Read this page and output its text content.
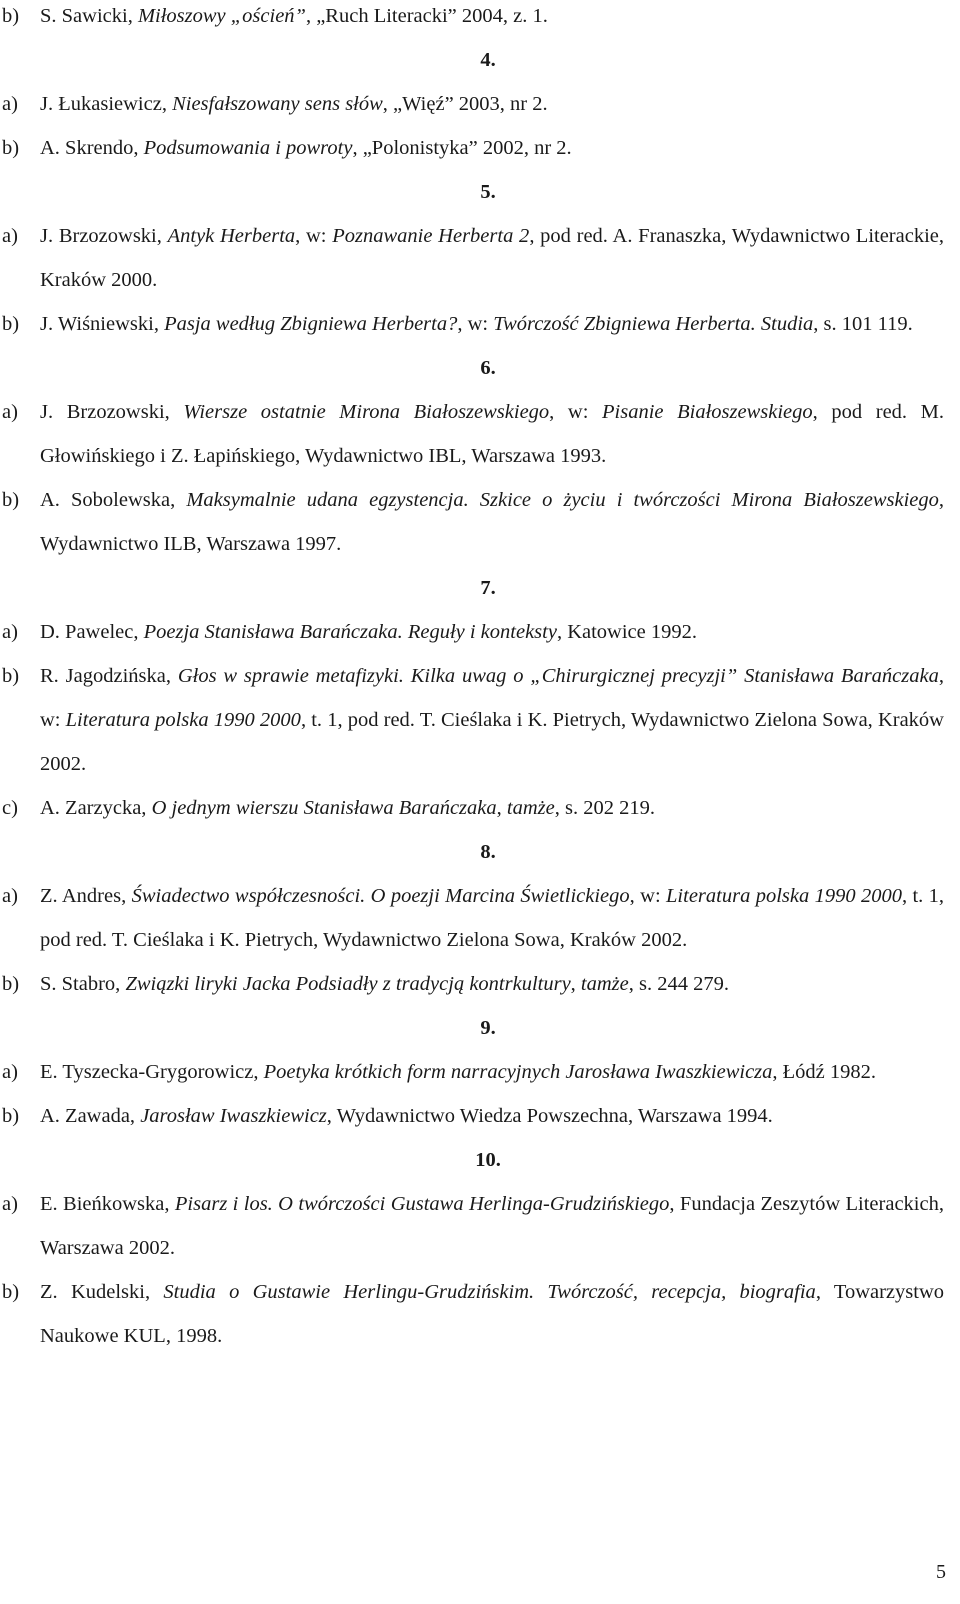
b) S. Sawicki, Miłoszowy „oścień”, „Ruch Literacki” 2004, z. 1.
4.
a) J. Łukasiewicz, Niesfałszowany sens słów, „Więź” 2003, nr 2.
b) A. Skrendo, Podsumowania i powroty, „Polonistyka” 2002, nr 2.
5.
a) J. Brzozowski, Antyk Herberta, w: Poznawanie Herberta 2, pod red. A. Franaszka, Wydawnictwo Literackie, Kraków 2000.
b) J. Wiśniewski, Pasja według Zbigniewa Herberta?, w: Twórczość Zbigniewa Herberta. Studia, s. 101 119.
6.
a) J. Brzozowski, Wiersze ostatnie Mirona Białoszewskiego, w: Pisanie Białoszewskiego, pod red. M. Głowińskiego i Z. Łapińskiego, Wydawnictwo IBL, Warszawa 1993.
b) A. Sobolewska, Maksymalnie udana egzystencja. Szkice o życiu i twórczości Mirona Białoszewskiego, Wydawnictwo ILB, Warszawa 1997.
7.
a) D. Pawelec, Poezja Stanisława Barańczaka. Reguły i konteksty, Katowice 1992.
b) R. Jagodzińska, Głos w sprawie metafizyki. Kilka uwag o „Chirurgicznej precyzji” Stanisława Barańczaka, w: Literatura polska 1990 2000, t. 1, pod red. T. Cieślaka i K. Pietrych, Wydawnictwo Zielona Sowa, Kraków 2002.
c) A. Zarzycka, O jednym wierszu Stanisława Barańczaka, tamże, s. 202 219.
8.
a) Z. Andres, Świadectwo współczesności. O poezji Marcina Świetlickiego, w: Literatura polska 1990 2000, t. 1, pod red. T. Cieślaka i K. Pietrych, Wydawnictwo Zielona Sowa, Kraków 2002.
b) S. Stabro, Związki liryki Jacka Podsiadły z tradycją kontrkultury, tamże, s. 244 279.
9.
a) E. Tyszecka-Grygorowicz, Poetyka krótkich form narracyjnych Jarosława Iwaszkiewicza, Łódź 1982.
b) A. Zawada, Jarosław Iwaszkiewicz, Wydawnictwo Wiedza Powszechna, Warszawa 1994.
10.
a) E. Bieńkowska, Pisarz i los. O twórczości Gustawa Herlinga-Grudzińskiego, Fundacja Zeszytów Literackich, Warszawa 2002.
b) Z. Kudelski, Studia o Gustawie Herlingu-Grudzińskim. Twórczość, recepcja, biografia, Towarzystwo Naukowe KUL, 1998.
5
